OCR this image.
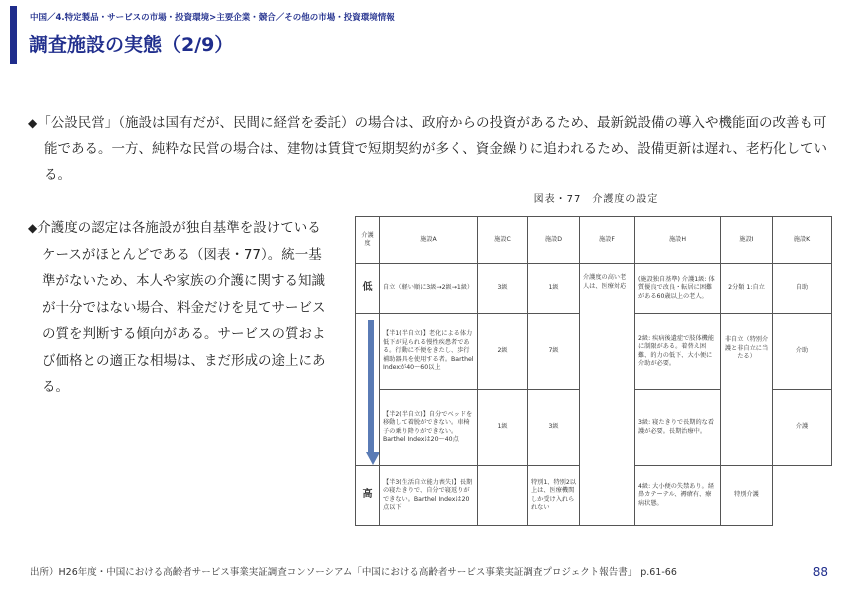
中国／4.特定製品・サービスの市場・投資環境>主要企業・競合／その他の市場・投資環境情報
調査施設の実態（2/9）
◆「公設民営」（施設は国有だが、民間に経営を委託）の場合は、政府からの投資があるため、最新鋭設備の導入や機能面の改善も可能である。一方、純粋な民営の場合は、建物は賃貸で短期契約が多く、資金繰りに追われるため、設備更新は遅れ、老朽化している。
◆介護度の認定は各施設が独自基準を設けているケースがほとんどである（図表・77）。統一基準がないため、本人や家族の介護に関する知識が十分ではない場合、料金だけを見てサービスの質を判断する傾向がある。サービスの質および価格との適正な相場は、まだ形成の途上にある。
図表・77　介護度の設定
介護度	施設A	施設C	施設D	施設F	施設H	施設I	施設K
低	自立（軽い順に3級→2級→1級）	3級	1級	介護度の高い老人は、医療対応	(施設独自基準) 介護1級: 体質優良で改良・転居に困難がある60歳以上の老人。	2分類 1:自立	自助

	【半1(半自立)】老化による体力低下が見られる慢性疾患者である。行動に不便をきたし、歩行補助器具を使用する者。Barthel Indexが40～60以上	2級	7級		2級: 疾病後遺症で肢体機能に制限がある。着替え困難、的力の低下、大小便に介助が必要。	非自立（特別介護と非自立に当たる）	介助
	【半2(半自立)】自分でベッドを移動して着脱ができない。車椅子の乗り降りができない。Barthel Indexは20～40点	1級	3級		3級: 寝たきりで長期的な看護が必要。長期治療中。		介護
高	【半3(生活自立能力喪失)】長期の寝たきりで、自分で寝返りができない。Barthel Indexは20点以下		特別1、特別2以上は、医療機関しか受け入れられない		4級: 大小便の失禁あり。経鼻カテーテル、褥瘡有、療病状態。	特別介護	
出所）H26年度・中国における高齢者サービス事業実証調査コンソーシアム「中国における高齢者サービス事業実証調査プロジェクト報告書」 p.61-66	88
